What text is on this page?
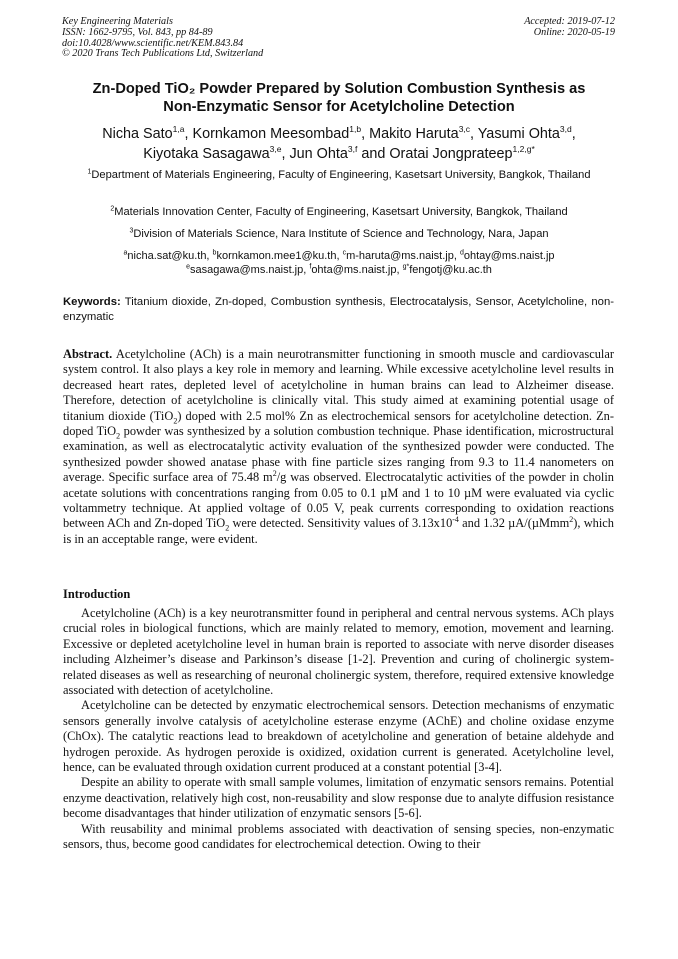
Key Engineering Materials
ISSN: 1662-9795, Vol. 843, pp 84-89
doi:10.4028/www.scientific.net/KEM.843.84
© 2020 Trans Tech Publications Ltd, Switzerland
Accepted: 2019-07-12
Online: 2020-05-19
Zn-Doped TiO₂ Powder Prepared by Solution Combustion Synthesis as
Non-Enzymatic Sensor for Acetylcholine Detection
Nicha Sato$^{1,a}$, Kornkamon Meesombad$^{1,b}$, Makito Haruta$^{3,c}$, Yasumi Ohta$^{3,d}$,
Kiyotaka Sasagawa$^{3,e}$, Jun Ohta$^{3,f}$ and Oratai Jongprateep$^{1,2,g*}$
$^1$Department of Materials Engineering, Faculty of Engineering, Kasetsart University, Bangkok, Thailand
$^2$Materials Innovation Center, Faculty of Engineering, Kasetsart University, Bangkok, Thailand
$^3$Division of Materials Science, Nara Institute of Science and Technology, Nara, Japan
$^a$nicha.sat@ku.th, $^b$kornkamon.mee1@ku.th, $^c$m-haruta@ms.naist.jp, $^d$ohtay@ms.naist.jp
$^e$sasagawa@ms.naist.jp, $^f$ohta@ms.naist.jp, $^{g*}$fengotj@ku.ac.th
Keywords: Titanium dioxide, Zn-doped, Combustion synthesis, Electrocatalysis, Sensor, Acetylcholine, non-enzymatic
Abstract. Acetylcholine (ACh) is a main neurotransmitter functioning in smooth muscle and cardiovascular system control. It also plays a key role in memory and learning. While excessive acetylcholine level results in decreased heart rates, depleted level of acetylcholine in human brains can lead to Alzheimer disease. Therefore, detection of acetylcholine is clinically vital. This study aimed at examining potential usage of titanium dioxide (TiO$_2$) doped with 2.5 mol% Zn as electrochemical sensors for acetylcholine detection. Zn-doped TiO$_2$ powder was synthesized by a solution combustion technique. Phase identification, microstructural examination, as well as electrocatalytic activity evaluation of the synthesized powder were conducted. The synthesized powder showed anatase phase with fine particle sizes ranging from 9.3 to 11.4 nanometers on average. Specific surface area of 75.48 $m^2/g$ was observed. Electrocatalytic activities of the powder in cholin acetate solutions with concentrations ranging from 0.05 to 0.1 µM and 1 to 10 µM were evaluated via cyclic voltammetry technique. At applied voltage of 0.05 V, peak currents corresponding to oxidation reactions between ACh and Zn-doped TiO$_2$ were detected. Sensitivity values of $3.13x10^{-4}$ and 1.32 µA/(µMmm$^2$), which is in an acceptable range, were evident.
Introduction

Acetylcholine (ACh) is a key neurotransmitter found in peripheral and central nervous systems. ACh plays crucial roles in biological functions, which are mainly related to memory, emotion, movement and learning. Excessive or depleted acetylcholine level in human brain is reported to associate with nerve disorder diseases including Alzheimer’s disease and Parkinson’s disease [1-2]. Prevention and curing of cholinergic system-related diseases as well as researching of neuronal cholinergic system, therefore, required extensive knowledge associated with detection of acetylcholine.

Acetylcholine can be detected by enzymatic electrochemical sensors. Detection mechanisms of enzymatic sensors generally involve catalysis of acetylcholine esterase enzyme (AChE) and choline oxidase enzyme (ChOx). The catalytic reactions lead to breakdown of acetylcholine and generation of betaine aldehyde and hydrogen peroxide. As hydrogen peroxide is oxidized, oxidation current is generated. Acetylcholine level, hence, can be evaluated through oxidation current produced at a constant potential [3-4].

Despite an ability to operate with small sample volumes, limitation of enzymatic sensors remains. Potential enzyme deactivation, relatively high cost, non-reusability and slow response due to analyte diffusion resistance become disadvantages that hinder utilization of enzymatic sensors [5-6].

With reusability and minimal problems associated with deactivation of sensing species, non-enzymatic sensors, thus, become good candidates for electrochemical detection. Owing to their
